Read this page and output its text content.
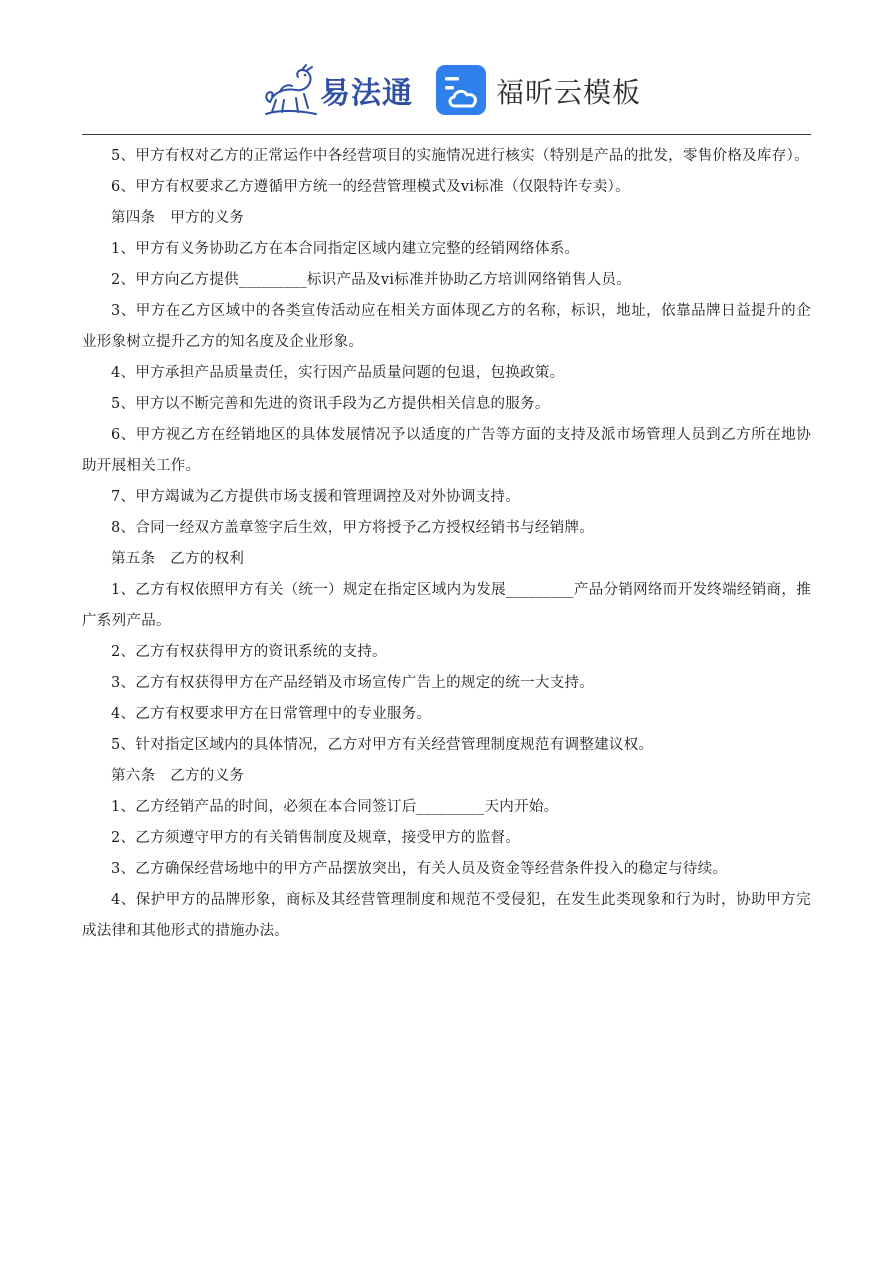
易法通	福昕云模板

5、甲方有权对乙方的正常运作中各经营项目的实施情况进行核实（特别是产品的批发，零售价格及库存）。

6、甲方有权要求乙方遵循甲方统一的经营管理模式及vi标准（仅限特许专卖）。

第四条　甲方的义务

1、甲方有义务协助乙方在本合同指定区域内建立完整的经销网络体系。

2、甲方向乙方提供_________标识产品及vi标准并协助乙方培训网络销售人员。

3、甲方在乙方区域中的各类宣传活动应在相关方面体现乙方的名称，标识，地址，依靠品牌日益提升的企业形象树立提升乙方的知名度及企业形象。

4、甲方承担产品质量责任，实行因产品质量问题的包退，包换政策。

5、甲方以不断完善和先进的资讯手段为乙方提供相关信息的服务。

6、甲方视乙方在经销地区的具体发展情况予以适度的广告等方面的支持及派市场管理人员到乙方所在地协助开展相关工作。

7、甲方竭诚为乙方提供市场支援和管理调控及对外协调支持。

8、合同一经双方盖章签字后生效，甲方将授予乙方授权经销书与经销牌。

第五条　乙方的权利

1、乙方有权依照甲方有关（统一）规定在指定区域内为发展_________产品分销网络而开发终端经销商，推广系列产品。

2、乙方有权获得甲方的资讯系统的支持。

3、乙方有权获得甲方在产品经销及市场宣传广告上的规定的统一大支持。

4、乙方有权要求甲方在日常管理中的专业服务。

5、针对指定区域内的具体情况，乙方对甲方有关经营管理制度规范有调整建议权。

第六条　乙方的义务

1、乙方经销产品的时间，必须在本合同签订后_________天内开始。

2、乙方须遵守甲方的有关销售制度及规章，接受甲方的监督。

3、乙方确保经营场地中的甲方产品摆放突出，有关人员及资金等经营条件投入的稳定与待续。

4、保护甲方的品牌形象，商标及其经营管理制度和规范不受侵犯，在发生此类现象和行为时，协助甲方完成法律和其他形式的措施办法。
